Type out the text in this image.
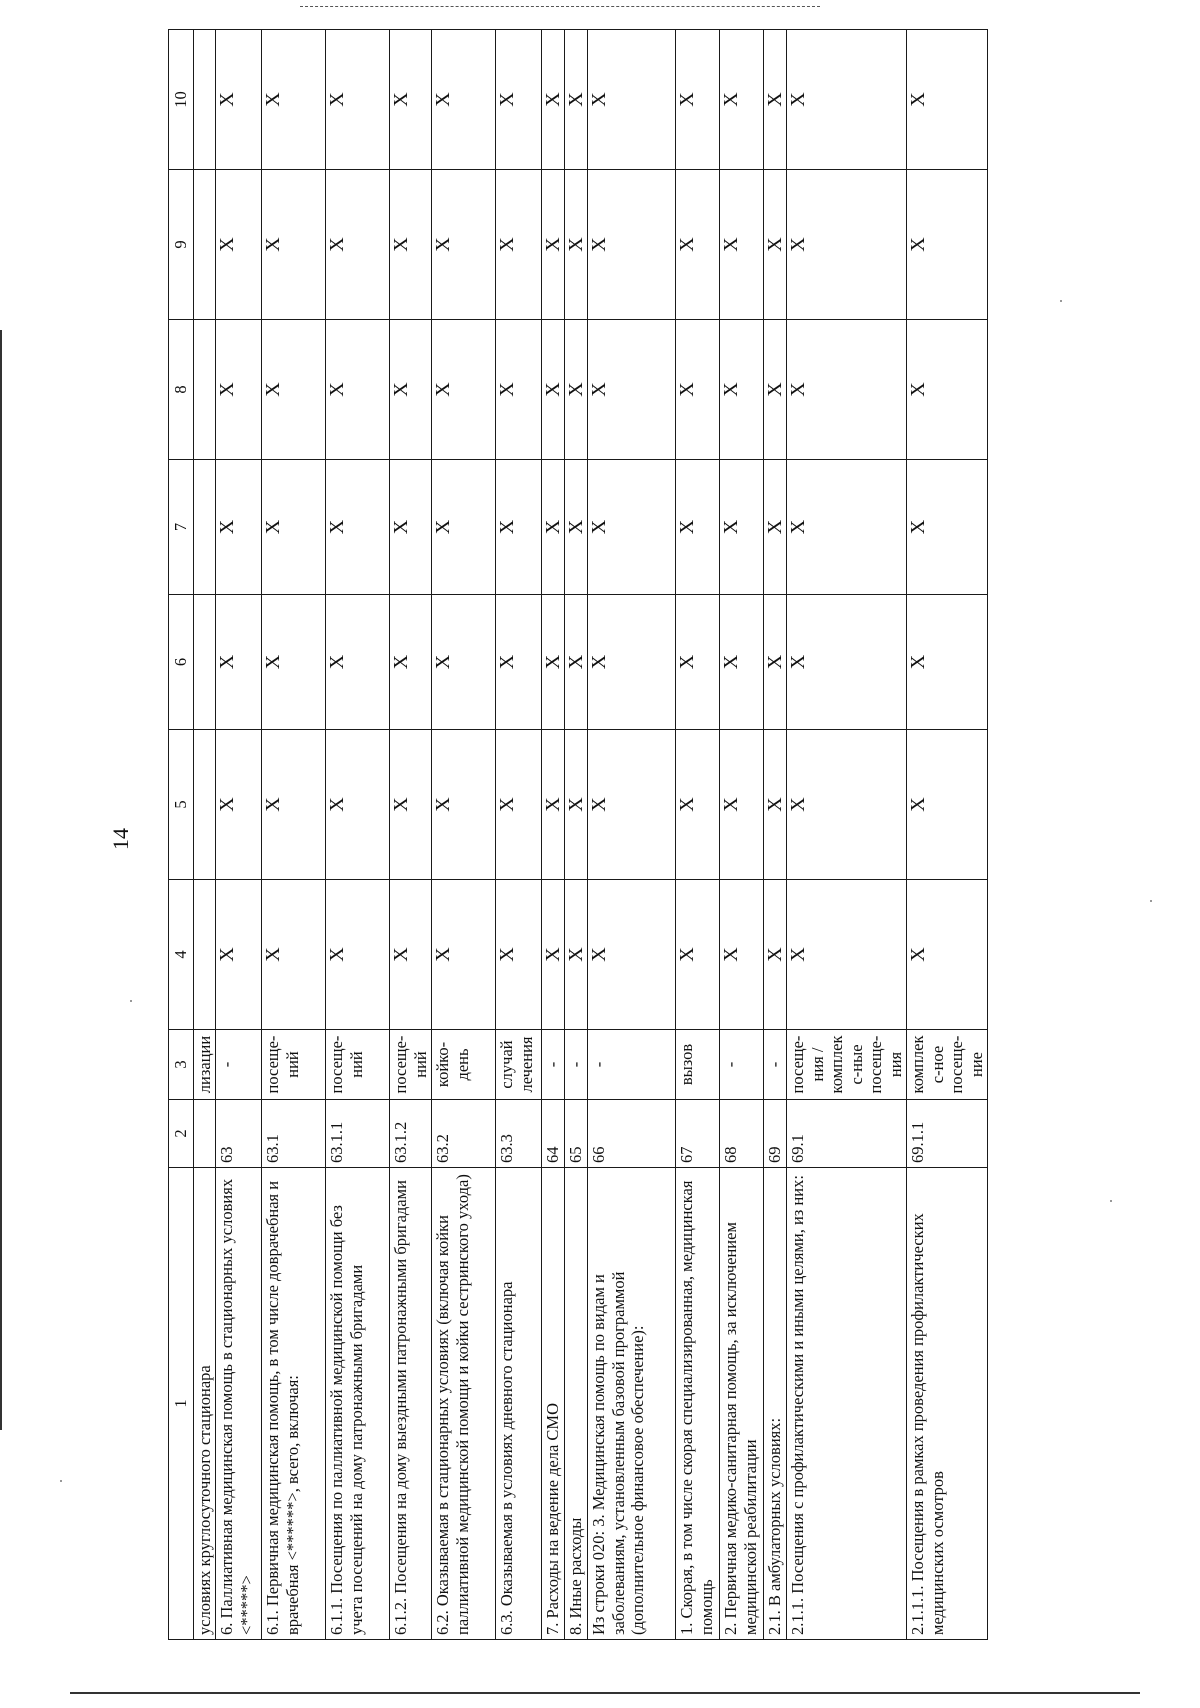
14
1	2	3	4	5	6	7	8	9	10
условиях круглосуточного стационара		лизации							
6. Паллиативная медицинская помощь в стационарных условиях <*****>	63	-	X	X	X	X	X	X	X
6.1. Первичная медицинская помощь, в том числе доврачебная и врачебная <******>, всего, включая:	63.1	посеще-ний	X	X	X	X	X	X	X
6.1.1. Посещения по паллиативной медицинской помощи без учета посещений на дому патронажными бригадами	63.1.1	посеще-ний	X	X	X	X	X	X	X
6.1.2. Посещения на дому выездными патронажными бригадами	63.1.2	посеще-ний	X	X	X	X	X	X	X
6.2. Оказываемая в стационарных условиях (включая койки паллиативной медицинской помощи и койки сестринского ухода)	63.2	койко-день	X	X	X	X	X	X	X
6.3. Оказываемая в условиях дневного стационара	63.3	случай лечения	X	X	X	X	X	X	X
7. Расходы на ведение дела СМО	64	-	X	X	X	X	X	X	X
8. Иные расходы	65	-	X	X	X	X	X	X	X
Из строки 020: 3. Медицинская помощь по видам и заболеваниям, установленным базовой программой (дополнительное финансовое обеспечение):	66	-	X	X	X	X	X	X	X
1. Скорая, в том числе скорая специализированная, медицинская помощь	67	вызов	X	X	X	X	X	X	X
2. Первичная медико-санитарная помощь, за исключением медицинской реабилитации	68	-	X	X	X	X	X	X	X
2.1. В амбулаторных условиях:	69	-	X	X	X	X	X	X	X
2.1.1. Посещения с профилактическими и иными целями, из них:	69.1	посеще-ния / комплекс-ные посеще-ния	X	X	X	X	X	X	X
2.1.1.1. Посещения в рамках проведения профилактических медицинских осмотров	69.1.1	комплекс-ное посеще-ние	X	X	X	X	X	X	X
